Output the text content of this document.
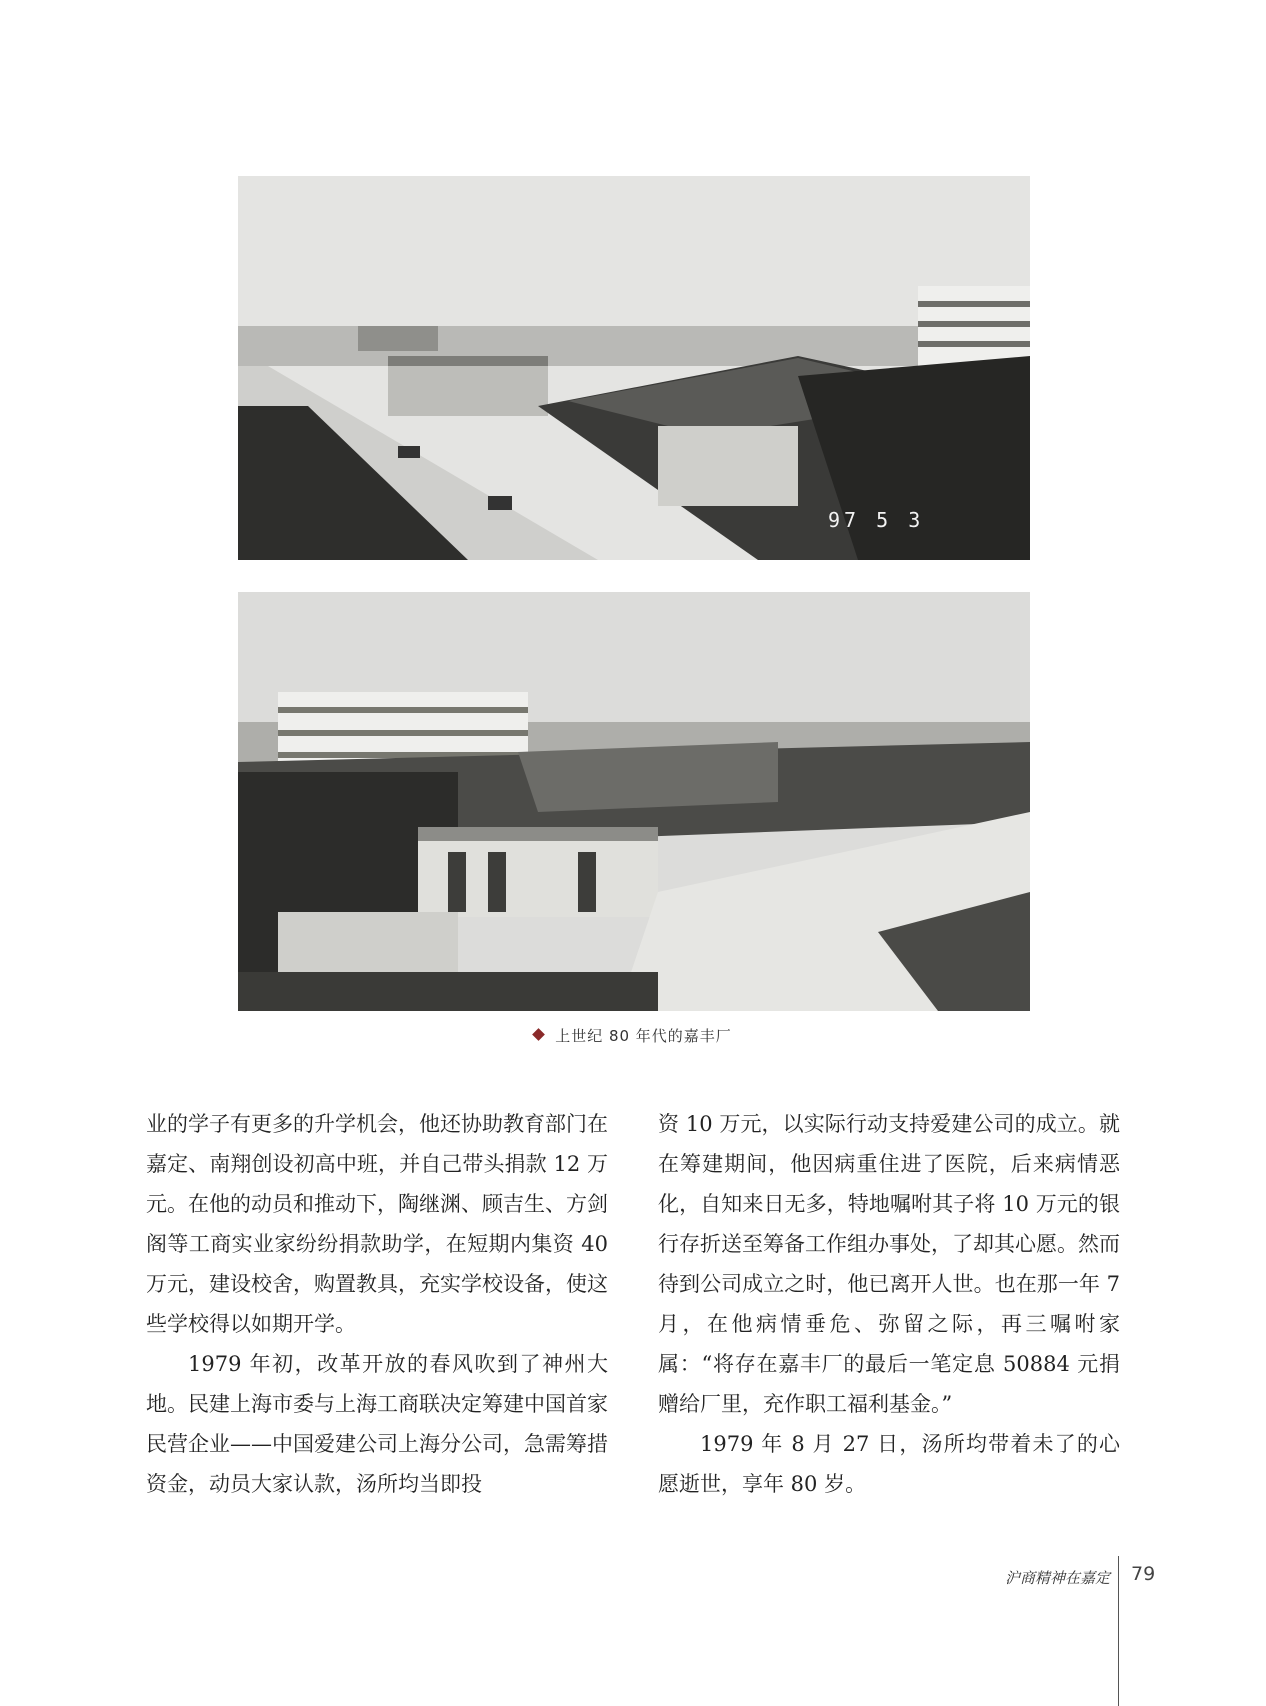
97 5 3
上世纪 80 年代的嘉丰厂

业的学子有更多的升学机会，他还协助教育部门在嘉定、南翔创设初高中班，并自己带头捐款 12 万元。在他的动员和推动下，陶继渊、顾吉生、方剑阁等工商实业家纷纷捐款助学，在短期内集资 40 万元，建设校舍，购置教具，充实学校设备，使这些学校得以如期开学。

1979 年初，改革开放的春风吹到了神州大地。民建上海市委与上海工商联决定筹建中国首家民营企业——中国爱建公司上海分公司，急需筹措资金，动员大家认款，汤所均当即投

资 10 万元，以实际行动支持爱建公司的成立。就在筹建期间，他因病重住进了医院，后来病情恶化，自知来日无多，特地嘱咐其子将 10 万元的银行存折送至筹备工作组办事处，了却其心愿。然而待到公司成立之时，他已离开人世。也在那一年 7 月，在他病情垂危、弥留之际，再三嘱咐家属：“将存在嘉丰厂的最后一笔定息 50884 元捐赠给厂里，充作职工福利基金。”

1979 年 8 月 27 日，汤所均带着未了的心愿逝世，享年 80 岁。

沪商精神在嘉定 79
